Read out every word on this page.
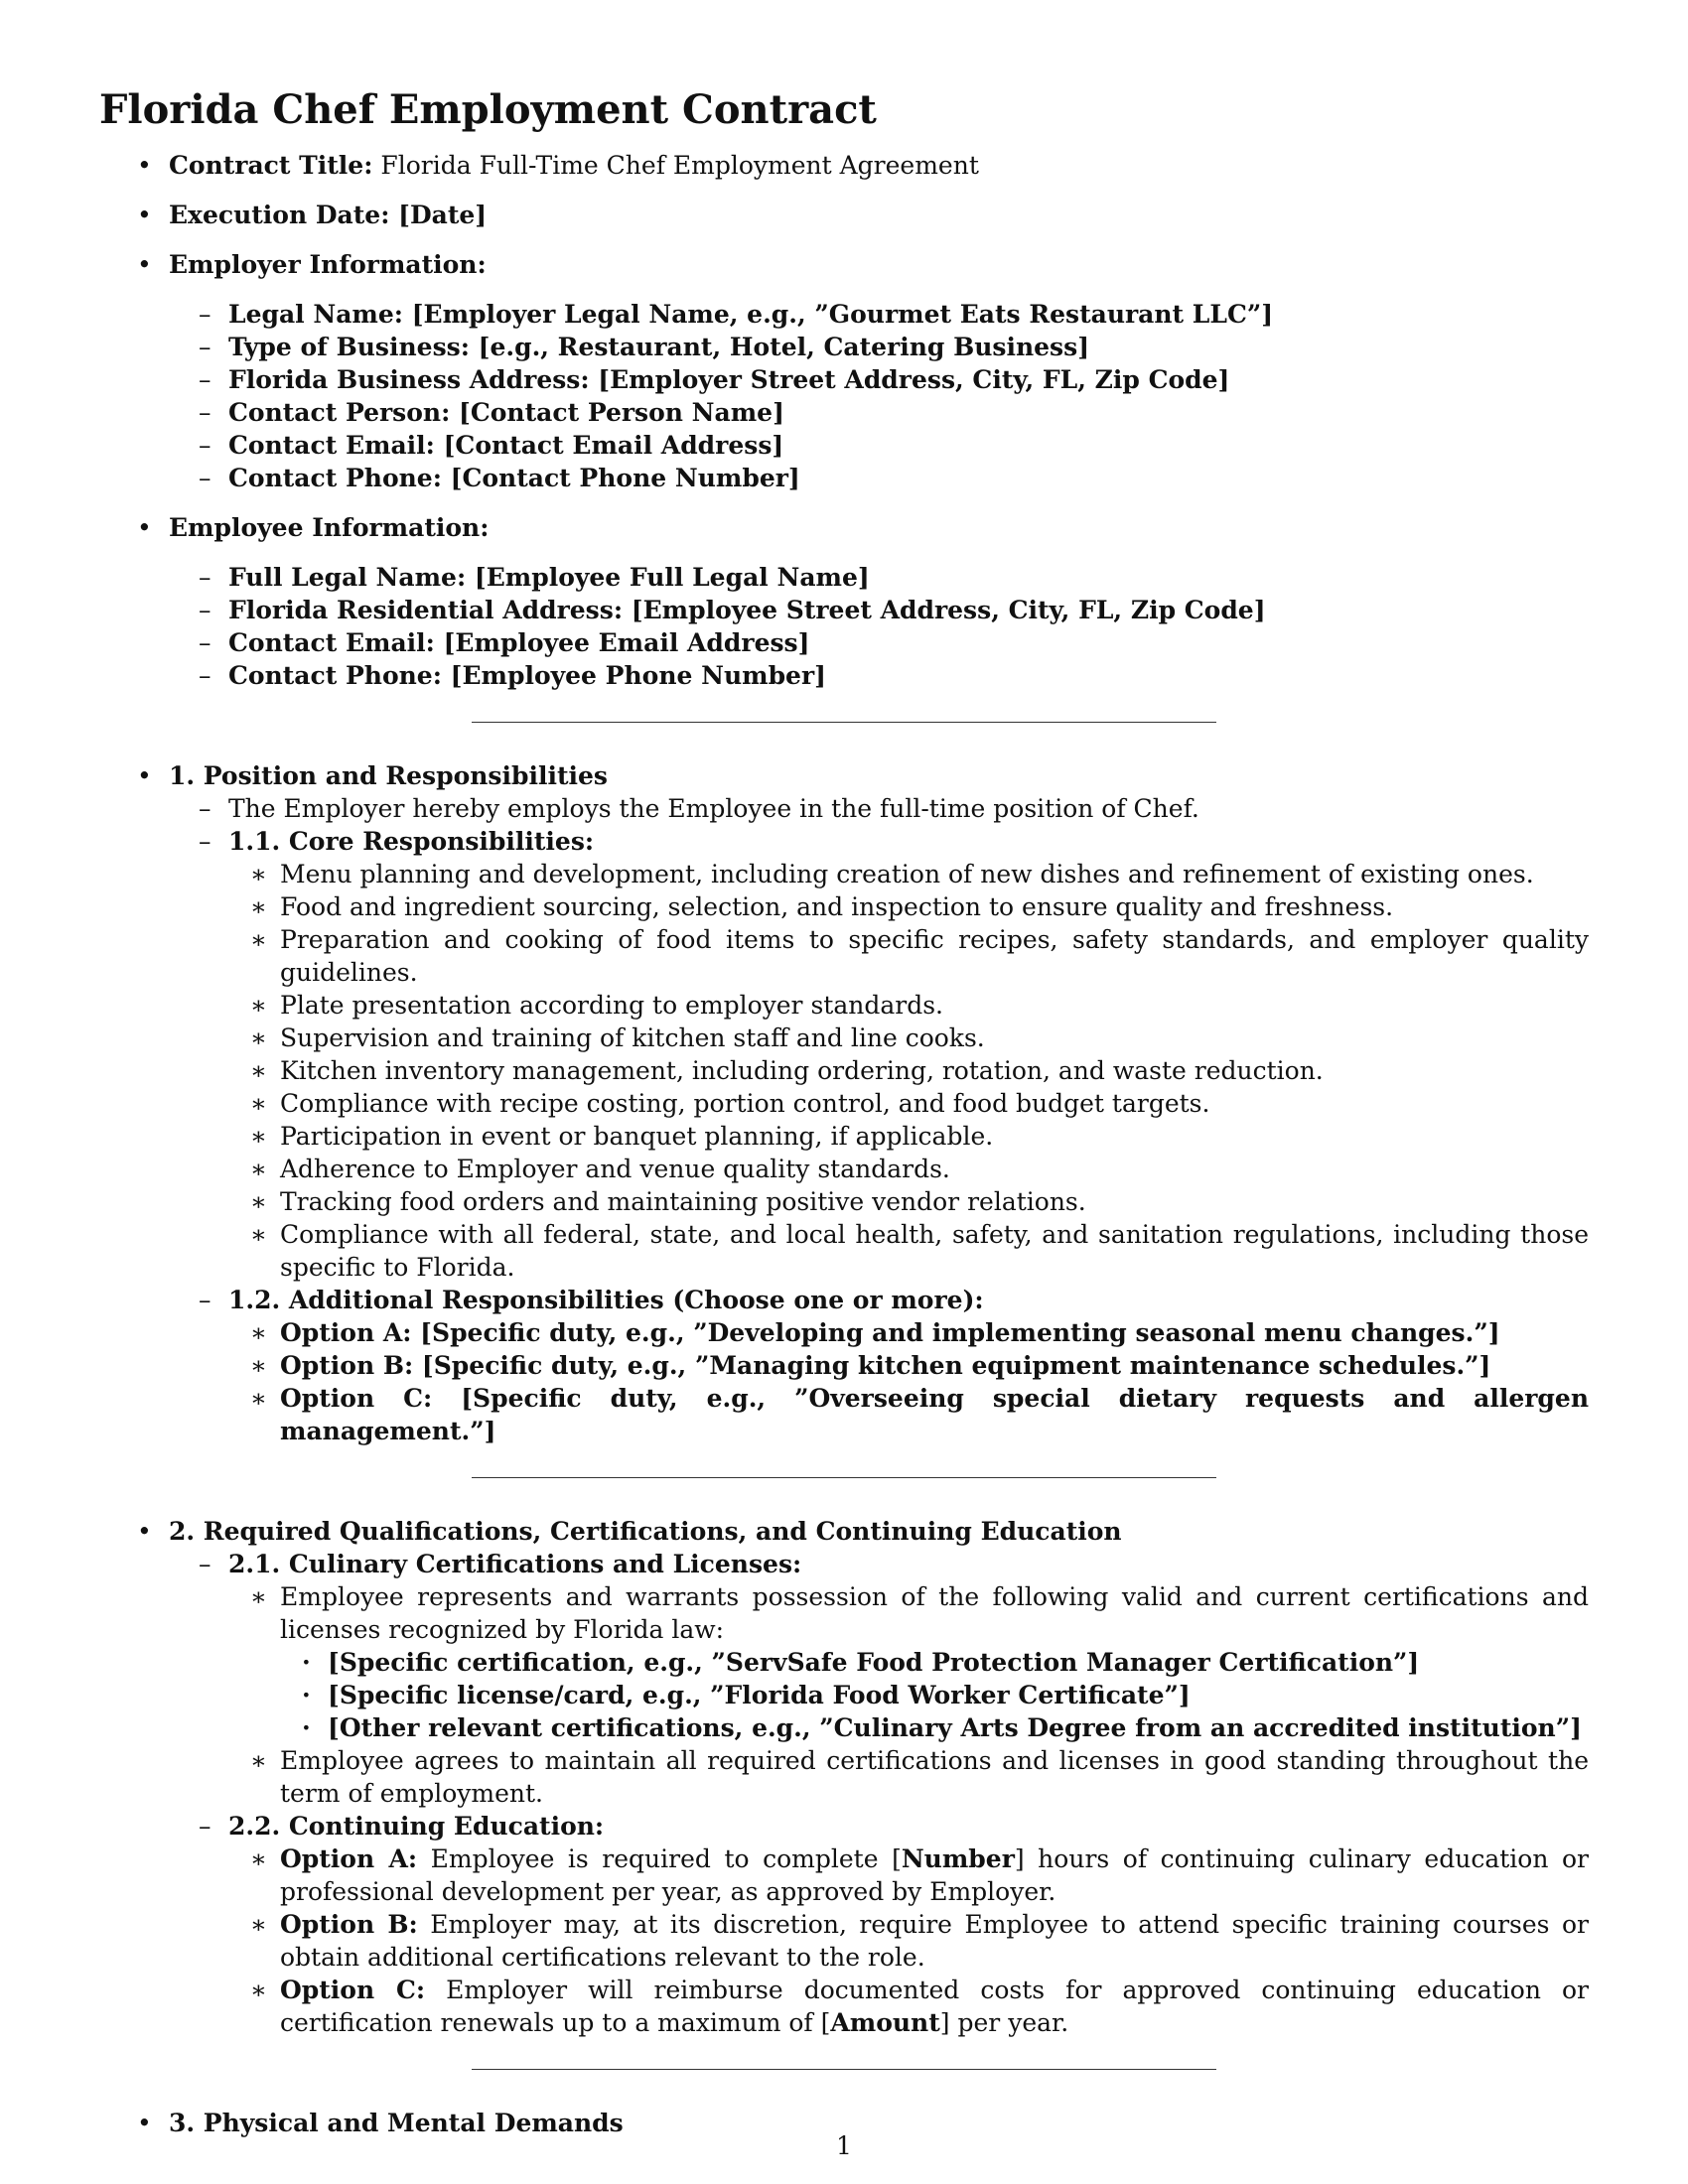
Florida Chef Employment Contract
• Contract Title: Florida Full-Time Chef Employment Agreement
• Execution Date: [Date]
• Employer Information:
– Legal Name: [Employer Legal Name, e.g., ”Gourmet Eats Restaurant LLC”]
– Type of Business: [e.g., Restaurant, Hotel, Catering Business]
– Florida Business Address: [Employer Street Address, City, FL, Zip Code]
– Contact Person: [Contact Person Name]
– Contact Email: [Contact Email Address]
– Contact Phone: [Contact Phone Number]
• Employee Information:
– Full Legal Name: [Employee Full Legal Name]
– Florida Residential Address: [Employee Street Address, City, FL, Zip Code]
– Contact Email: [Employee Email Address]
– Contact Phone: [Employee Phone Number]
• 1. Position and Responsibilities
– The Employer hereby employs the Employee in the full-time position of Chef.
– 1.1. Core Responsibilities:
∗ Menu planning and development, including creation of new dishes and refinement of existing ones.
∗ Food and ingredient sourcing, selection, and inspection to ensure quality and freshness.
∗ Preparation and cooking of food items to specific recipes, safety standards, and employer quality guidelines.
∗ Plate presentation according to employer standards.
∗ Supervision and training of kitchen staff and line cooks.
∗ Kitchen inventory management, including ordering, rotation, and waste reduction.
∗ Compliance with recipe costing, portion control, and food budget targets.
∗ Participation in event or banquet planning, if applicable.
∗ Adherence to Employer and venue quality standards.
∗ Tracking food orders and maintaining positive vendor relations.
∗ Compliance with all federal, state, and local health, safety, and sanitation regulations, including those specific to Florida.
– 1.2. Additional Responsibilities (Choose one or more):
∗ Option A: [Specific duty, e.g., ”Developing and implementing seasonal menu changes.”]
∗ Option B: [Specific duty, e.g., ”Managing kitchen equipment maintenance schedules.”]
∗ Option C: [Specific duty, e.g., ”Overseeing special dietary requests and allergen management.”]
• 2. Required Qualifications, Certifications, and Continuing Education
– 2.1. Culinary Certifications and Licenses:
∗ Employee represents and warrants possession of the following valid and current certifications and licenses recognized by Florida law:
· [Specific certification, e.g., ”ServSafe Food Protection Manager Certification”]
· [Specific license/card, e.g., ”Florida Food Worker Certificate”]
· [Other relevant certifications, e.g., ”Culinary Arts Degree from an accredited institution”]
∗ Employee agrees to maintain all required certifications and licenses in good standing throughout the term of employment.
– 2.2. Continuing Education:
∗ Option A: Employee is required to complete [Number] hours of continuing culinary education or professional development per year, as approved by Employer.
∗ Option B: Employer may, at its discretion, require Employee to attend specific training courses or obtain additional certifications relevant to the role.
∗ Option C: Employer will reimburse documented costs for approved continuing education or certification renewals up to a maximum of [Amount] per year.
• 3. Physical and Mental Demands
1
